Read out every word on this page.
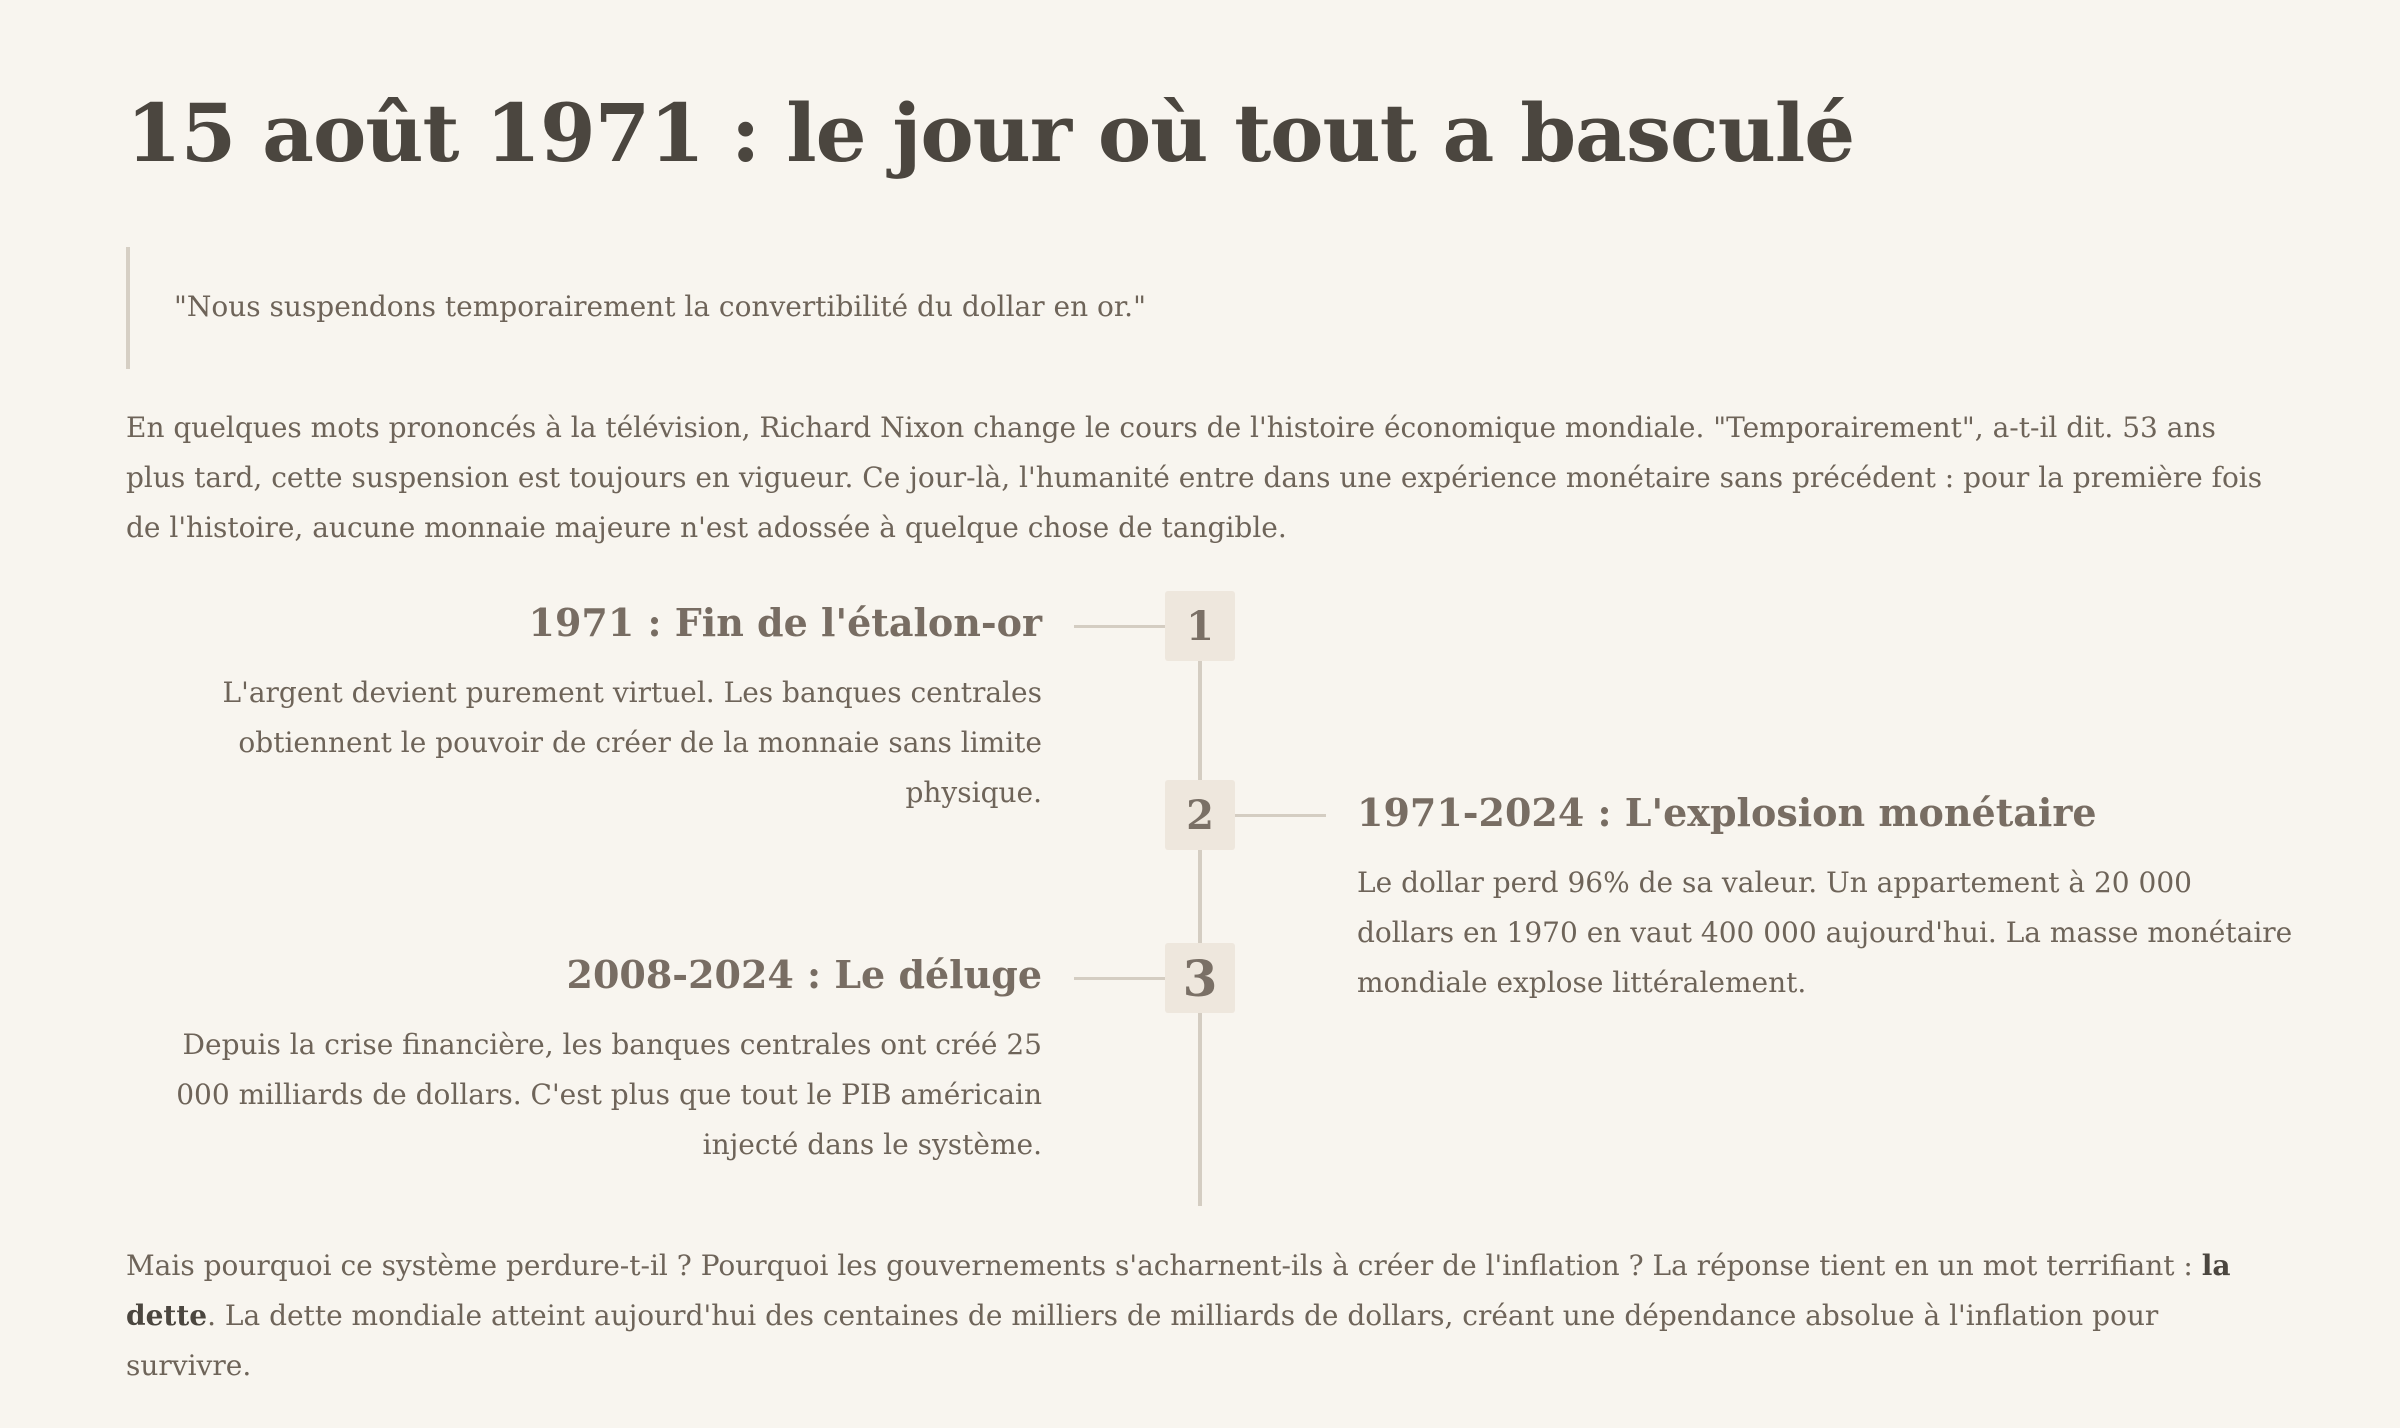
15 août 1971 : le jour où tout a basculé
"Nous suspendons temporairement la convertibilité du dollar en or."

En quelques mots prononcés à la télévision, Richard Nixon change le cours de l'histoire économique mondiale. "Temporairement", a-t-il dit. 53 ans plus tard, cette suspension est toujours en vigueur. Ce jour-là, l'humanité entre dans une expérience monétaire sans précédent : pour la première fois de l'histoire, aucune monnaie majeure n'est adossée à quelque chose de tangible.

1
2
3
1971 : Fin de l'étalon-or

L'argent devient purement virtuel. Les banques centrales obtiennent le pouvoir de créer de la monnaie sans limite physique.	1971-2024 : L'explosion monétaire

Le dollar perd 96% de sa valeur. Un appartement à 20 000 dollars en 1970 en vaut 400 000 aujourd'hui. La masse monétaire mondiale explose littéralement.

2008-2024 : Le déluge

Depuis la crise financière, les banques centrales ont créé 25 000 milliards de dollars. C'est plus que tout le PIB américain injecté dans le système.

Mais pourquoi ce système perdure-t-il ? Pourquoi les gouvernements s'acharnent-ils à créer de l'inflation ? La réponse tient en un mot terrifiant : la dette. La dette mondiale atteint aujourd'hui des centaines de milliers de milliards de dollars, créant une dépendance absolue à l'inflation pour survivre.
